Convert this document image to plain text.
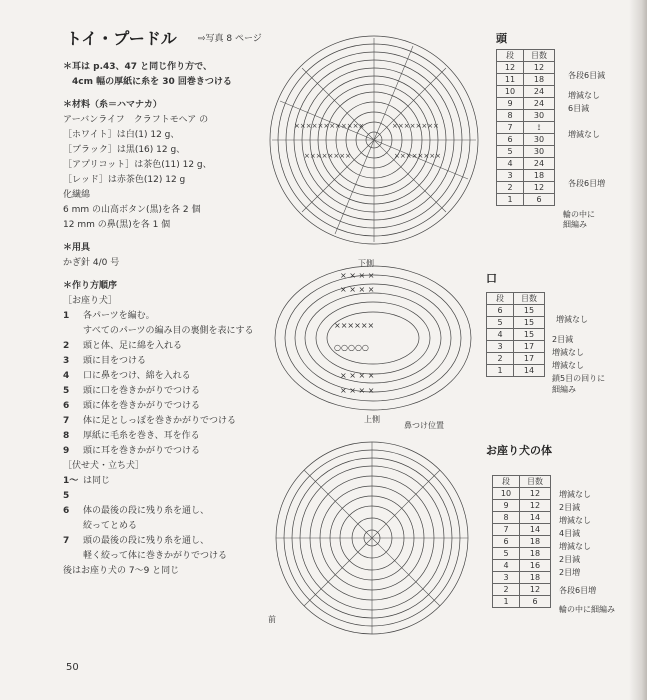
トイ・プードル ⇨写真 8 ページ

＊耳は p.43、47 と同じ作り方で、

4cm 幅の厚紙に糸を 30 回巻きつける

＊材料（糸＝ハマナカ）

アーバンライフ　クラフトモヘア の

［ホワイト］は白(1) 12 g、

［ブラック］は黒(16) 12 g、

［アプリコット］は茶色(11) 12 g、

［レッド］は赤茶色(12) 12 g

化繊綿

6 mm の山高ボタン(黒)を各 2 個

12 mm の鼻(黒)を各 1 個

＊用具

かぎ針 4/0 号

＊作り方順序

［お座り犬］

1	各パーツを編む。
すべてのパーツの編み目の裏側を表にする
2	頭と体、足に綿を入れる
3	頭に目をつける
4	口に鼻をつけ、綿を入れる
5	頭に口を巻きかがりでつける
6	頭に体を巻きかがりでつける
7	体に足としっぽを巻きかがりでつける
8	厚紙に毛糸を巻き、耳を作る
9	頭に耳を巻きかがりでつける

［伏せ犬・立ち犬］

1～5
は同じ
6	体の最後の段に残り糸を通し、
絞ってとめる
7	頭の最後の段に残り糸を通し、
軽く絞って体に巻きかがりでつける

後はお座り犬の 7～9 と同じ

50
××××××××××××	××××××××
××××××××	××××××××
× × × ×
× × × ×
××××××
○○○○○
× × × ×
× × × ×
下側
上側
鼻つけ位置
前
頭
段	目数
12	12
11	18
10	24
9	24
8	30
7	⟟
6	30
5	30
4	24
3	18
2	12
1	6
各段6目減
増減なし
6目減
増減なし
各段6目増
輪の中に
細編み
口
段	目数
6	15
5	15
4	15
3	17
2	17
1	14
増減なし
2目減
増減なし
増減なし
鎖5目の回りに
細編み
お座り犬の体
段	目数
10	12
9	12
8	14
7	14
6	18
5	18
4	16
3	18
2	12
1	6
増減なし
2目減
増減なし
4目減
増減なし
2目減
2目増
各段6目増
輪の中に細編み
